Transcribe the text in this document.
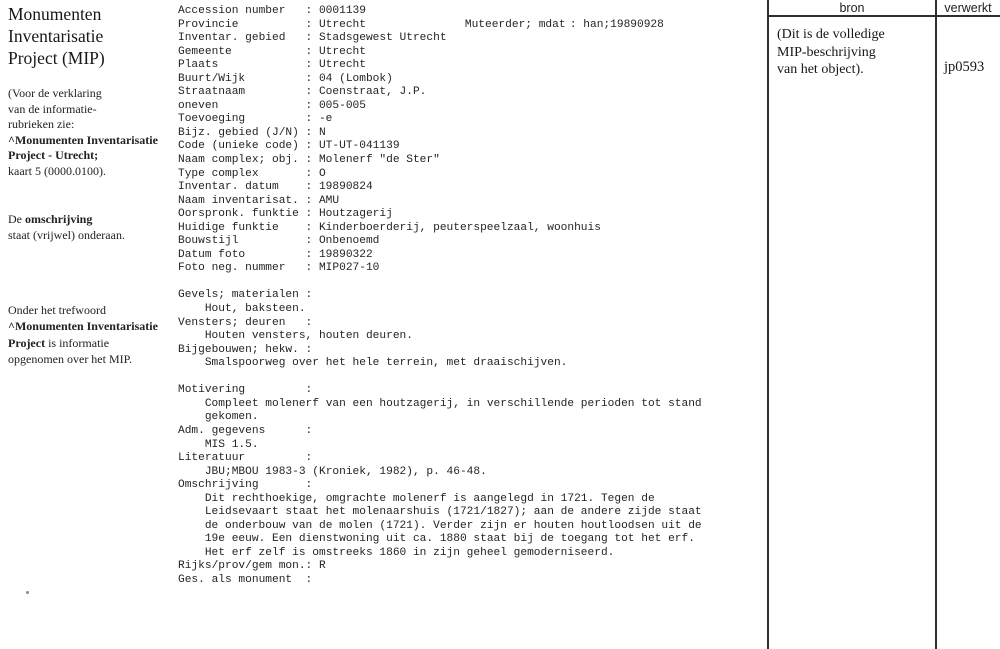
Monumenten
Inventarisatie
Project (MIP)
(Voor de verklaring
van de informatie-
rubrieken zie:
^Monumenten Inventarisatie
Project - Utrecht;
kaart 5 (0000.0100).
De omschrijving
staat (vrijwel) onderaan.
Onder het trefwoord
^Monumenten Inventarisatie
Project is informatie
opgenomen over het MIP.
Accession number : 0001139
Provincie	: Utrecht
Inventar. gebied : Stadsgewest Utrecht
Gemeente	: Utrecht
Plaats	: Utrecht
Buurt/Wijk	: 04 (Lombok)
Straatnaam	: Coenstraat, J.P.
oneven	: 005-005
Toevoeging	: -e
Bijz. gebied (J/N) : N
Code (unieke code) : UT-UT-041139
Naam complex; obj. : Molenerf "de Ster"
Type complex	: O
Inventar. datum : 19890824
Naam inventarisat. : AMU
Oorspronk. funktie : Houtzagerij
Huidige funktie : Kinderboerderij, peuterspeelzaal, woonhuis
Bouwstijl	: Onbenoemd
Datum foto	: 19890322
Foto neg. nummer : MIP027-10

Gevels; materialen :
Hout, baksteen.
Vensters; deuren :
Houten vensters, houten deuren.
Bijgebouwen; hekw. :
Smalspoorweg over het hele terrein, met draaischijven.

Motivering	:
Compleet molenerf van een houtzagerij, in verschillende perioden tot stand
gekomen.
Adm. gegevens	:
MIS 1.5.
Literatuur	:
JBU;MBOU 1983-3 (Kroniek, 1982), p. 46-48.
Omschrijving	:
Dit rechthoekige, omgrachte molenerf is aangelegd in 1721. Tegen de
Leidsevaart staat het molenaarshuis (1721/1827); aan de andere zijde staat
de onderbouw van de molen (1721). Verder zijn er houten houtloodsen uit de
19e eeuw. Een dienstwoning uit ca. 1880 staat bij de toegang tot het erf.
Het erf zelf is omstreeks 1860 in zijn geheel gemoderniseerd.
Rijks/prov/gem mon.: R
Ges. als monument :

Muteerder; mdat : han;19890928

bron	verwerkt
(Dit is de volledige
MIP-beschrijving
van het object).	jp0593
